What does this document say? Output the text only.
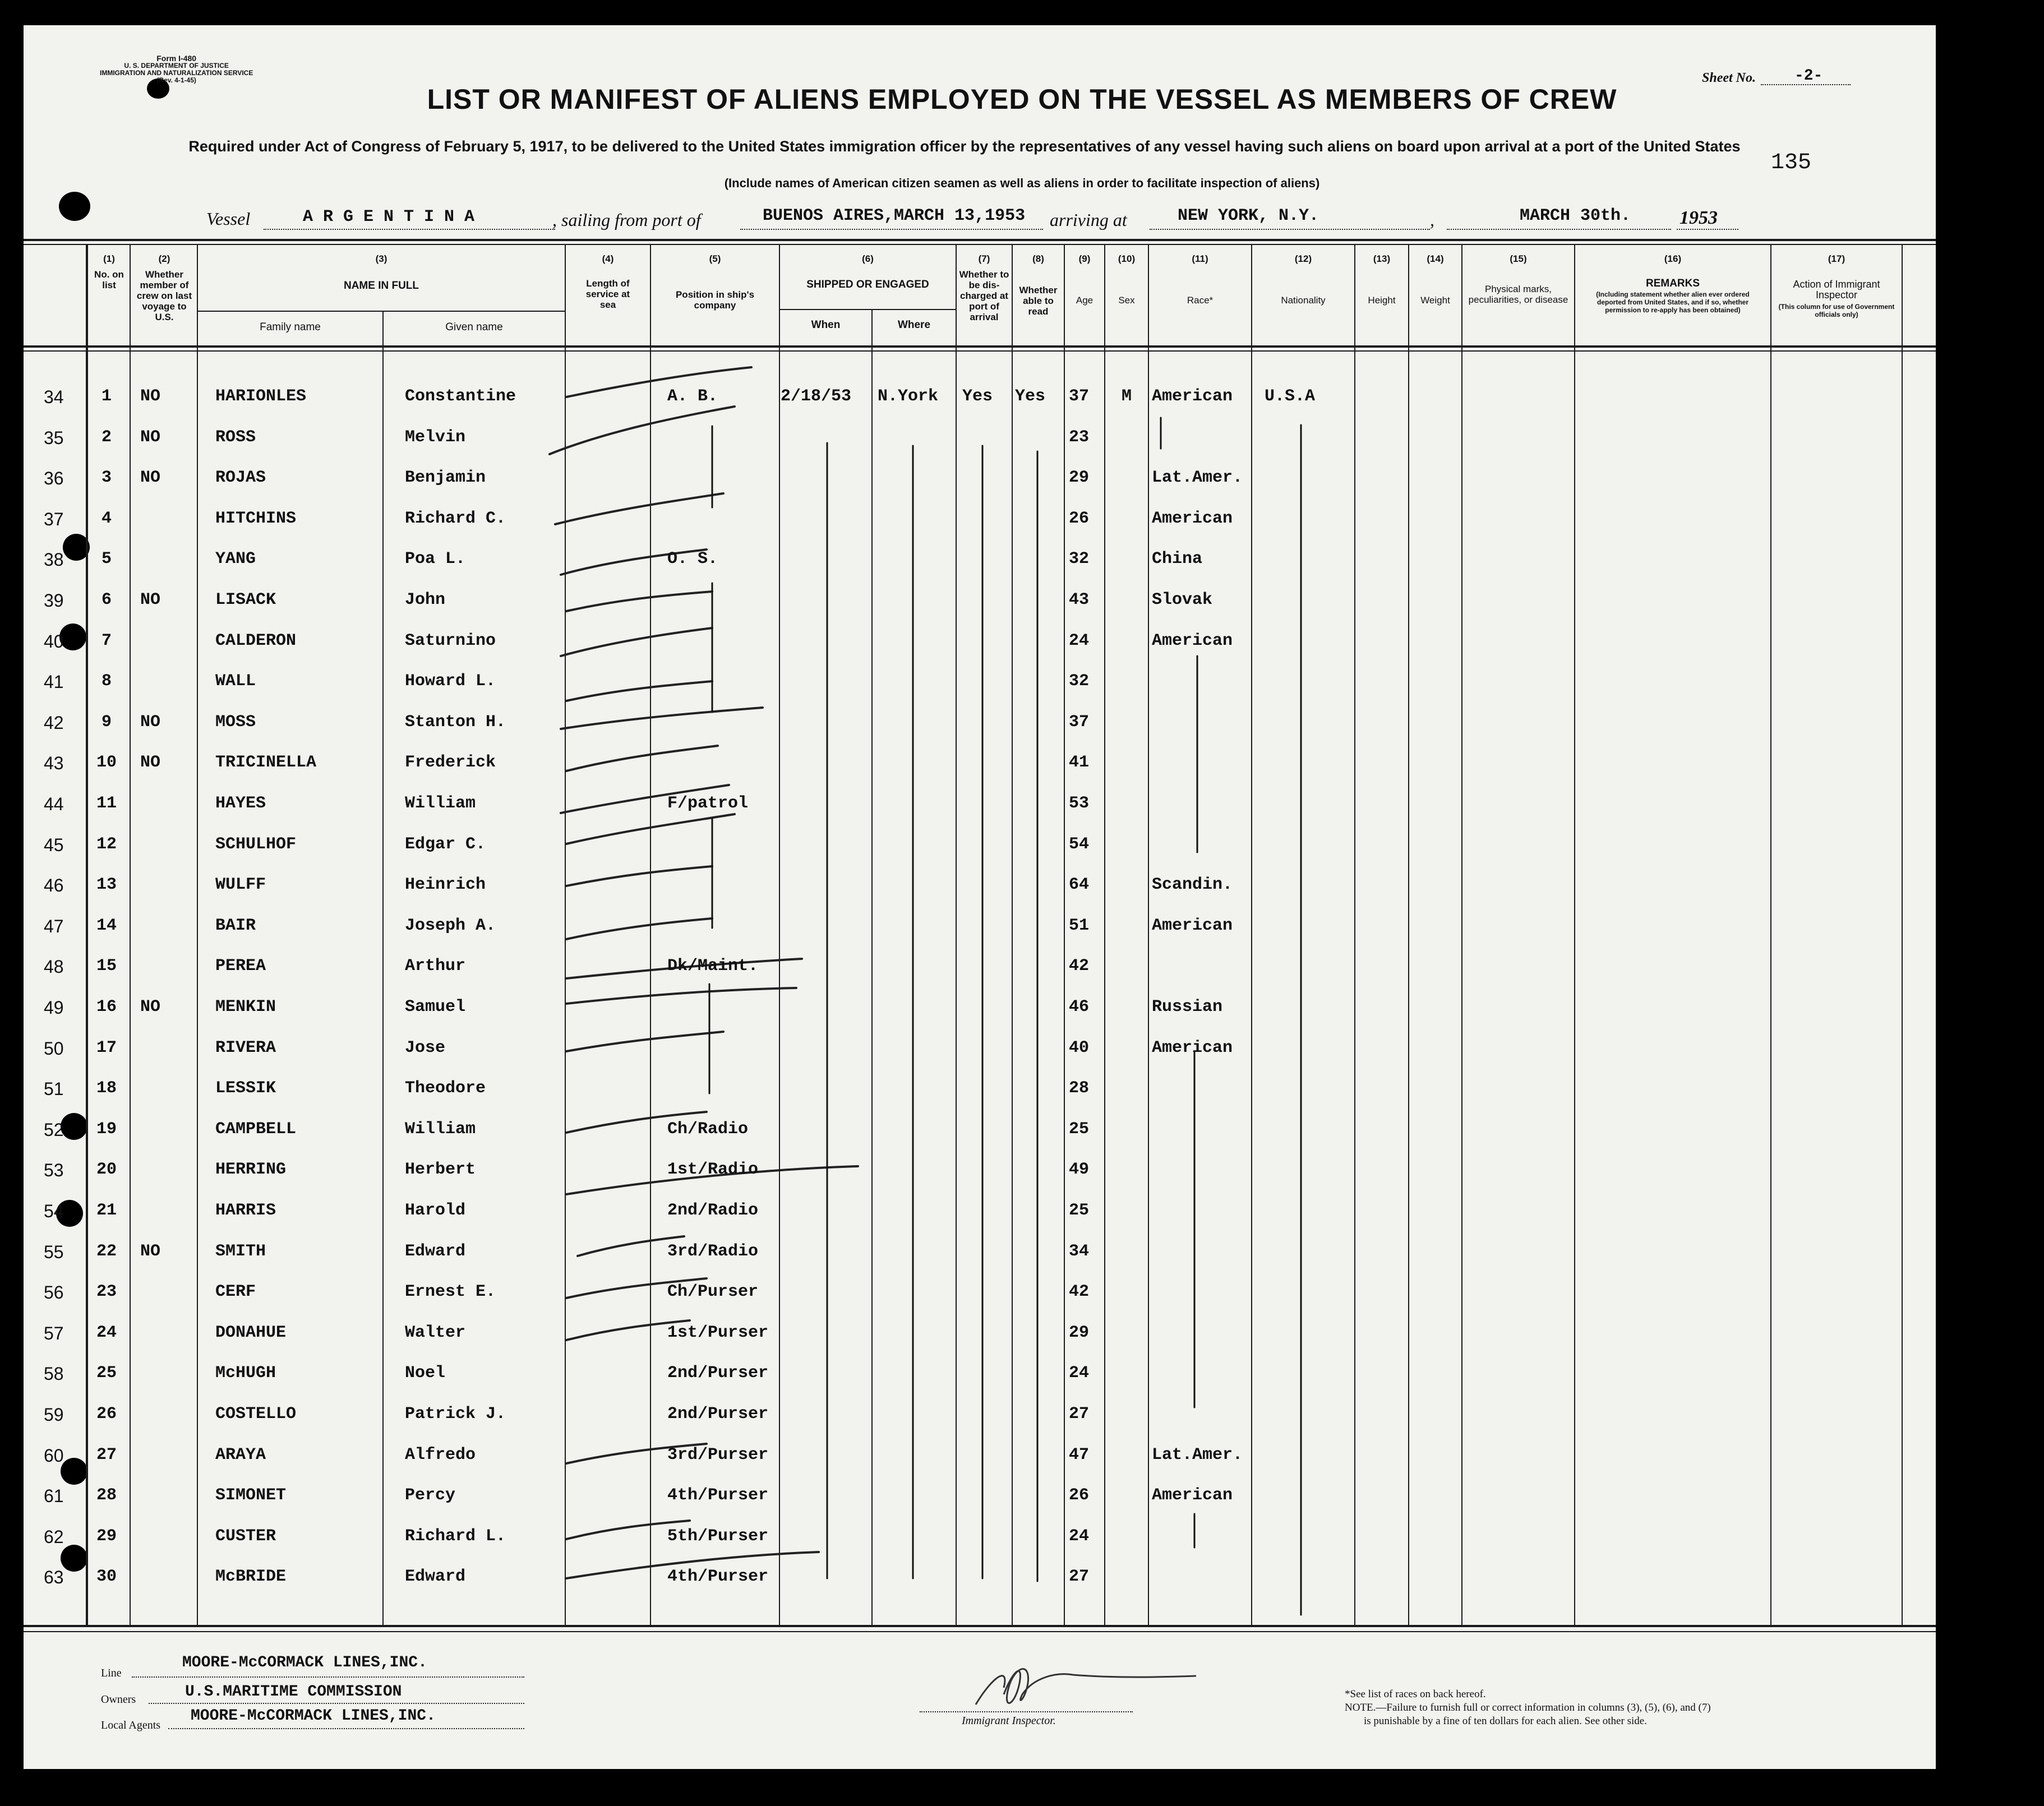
Form I-480
U. S. DEPARTMENT OF JUSTICE
IMMIGRATION AND NATURALIZATION SERVICE
(Rev. 4-1-45)
LIST OR MANIFEST OF ALIENS EMPLOYED ON THE VESSEL AS MEMBERS OF CREW
Sheet No. -2-
Required under Act of Congress of February 5, 1917, to be delivered to the United States immigration officer by the representatives of any vessel having such aliens on board upon arrival at a port of the United States
(Include names of American citizen seamen as well as aliens in order to facilitate inspection of aliens)
135
Vessel	A R G E N T I N A	, sailing from port of	BUENOS AIRES,MARCH 13,1953 arriving at	NEW YORK, N.Y.	,	MARCH 30th.	1953
(1)
No. on list
(2)
Whether member of crew on last voyage to U.S.
(3)
NAME IN FULL
Family name	Given name
(4)
Length of service at sea
(5)
Position in ship's company
(6)
SHIPPED OR ENGAGED
When	Where
(7)
Whether to be dis-charged at port of arrival
(8)
Whether able to read
(9)
Age
(10)
Sex
(11)
Race*
(12)
Nationality
(13)
Height
(14)
Weight
(15)
Physical marks, peculiarities, or disease
(16)
REMARKS
(Including statement whether alien ever ordered deported from United States, and if so, whether permission to re-apply has been obtained)
(17)
Action of Immigrant Inspector
(This column for use of Government officials only)
34	1	NO	HARIONLES	Constantine	A. B.	2/18/53 N.York Yes Yes 37 M American U.S.A
35	2	NO	ROSS	Melvin	23
36	3	NO	ROJAS	Benjamin	29	Lat.Amer.
37	4	HITCHINS	Richard C.	26	American
38	5	YANG	Poa L.	O. S.	32	China
39	6	NO	LISACK	John	43	Slovak
40	7	CALDERON	Saturnino	24	American
41	8	WALL	Howard L.	32
42	9	NO	MOSS	Stanton H.	37
43	10	NO	TRICINELLA	Frederick	41
44	11	HAYES	William	F/patrol	53
45	12	SCHULHOF	Edgar C.	54
46	13	WULFF	Heinrich	64	Scandin.
47	14	BAIR	Joseph A.	51	American
48	15	PEREA	Arthur	Dk/Maint.	42
49	16	NO	MENKIN	Samuel	46	Russian
50	17	RIVERA	Jose	40	American
51	18	LESSIK	Theodore	28
52	19	CAMPBELL	William	Ch/Radio	25
53	20	HERRING	Herbert	1st/Radio	49
54	21	HARRIS	Harold	2nd/Radio	25
55	22	NO	SMITH	Edward	3rd/Radio	34
56	23	CERF	Ernest E.	Ch/Purser	42
57	24	DONAHUE	Walter	1st/Purser	29
58	25	McHUGH	Noel	2nd/Purser	24
59	26	COSTELLO	Patrick J.	2nd/Purser	27
60	27	ARAYA	Alfredo	3rd/Purser	47	Lat.Amer.
61	28	SIMONET	Percy	4th/Purser	26	American
62	29	CUSTER	Richard L.	5th/Purser	24
63	30	McBRIDE	Edward	4th/Purser	27
Line
MOORE-McCORMACK LINES,INC.
Owners	U.S.MARITIME COMMISSION
Local Agents
MOORE-McCORMACK LINES,INC.	Immigrant Inspector.
*See list of races on back hereof.
NOTE.—Failure to furnish full or correct information in columns (3), (5), (6), and (7)
is punishable by a fine of ten dollars for each alien. See other side.
